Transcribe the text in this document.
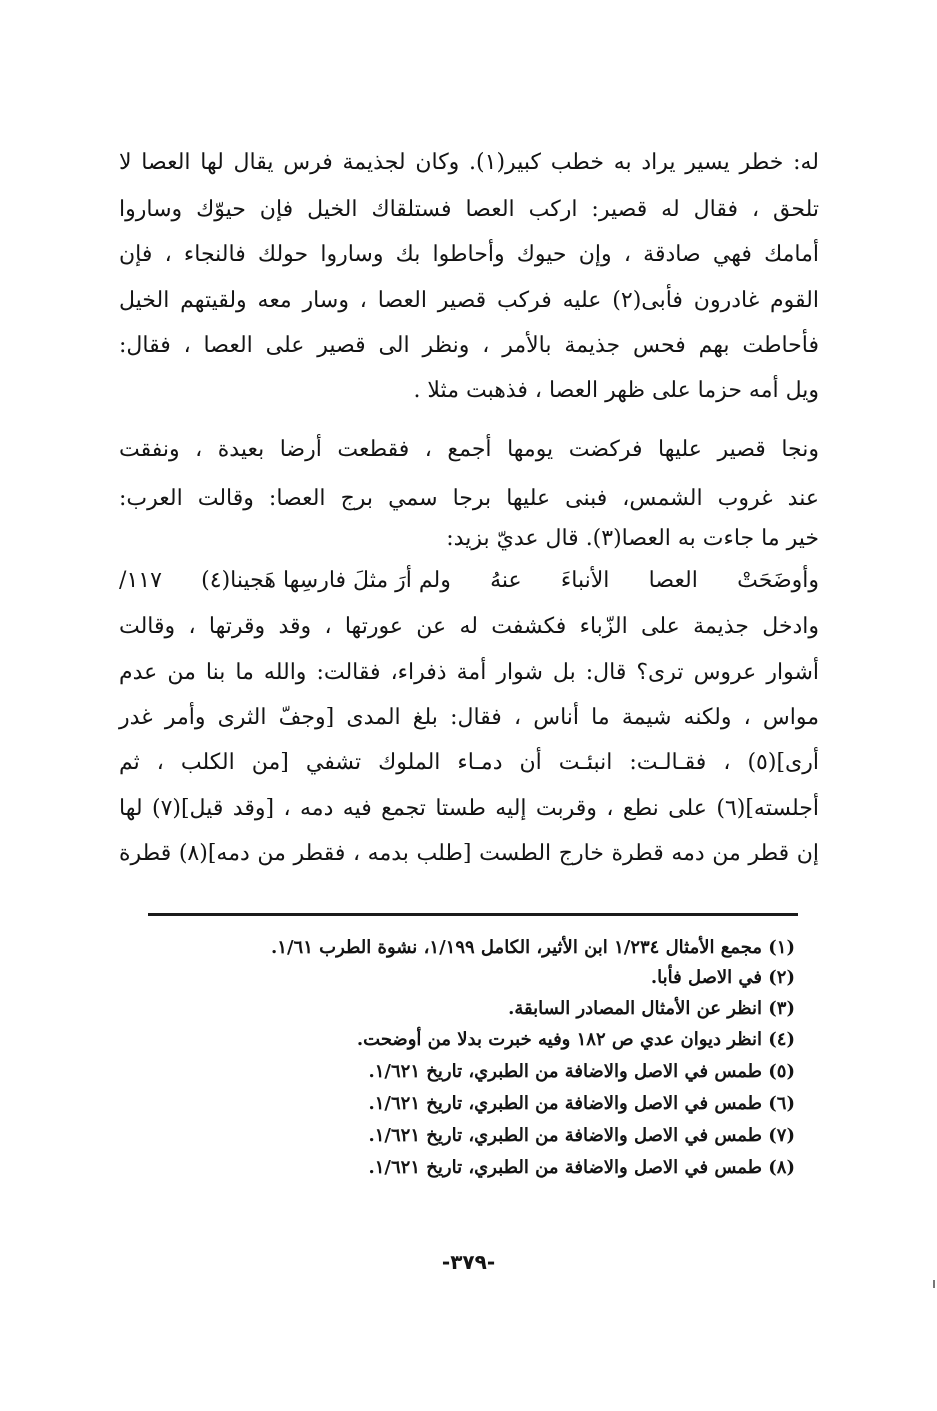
له: خطر يسير يراد به خطب كبير(١). وكان لجذيمة فرس يقال لها العصا لا
تلحق ، فقال له قصير: اركب العصا فستلقاك الخيل فإن حيوّك وساروا
أمامك فهي صادقة ، وإن حيوك وأحاطوا بك وساروا حولك فالنجاء ، فإن
القوم غادرون فأبى(٢) عليه فركب قصير العصا ، وسار معه ولقيتهم الخيل
فأحاطت بهم فحس جذيمة بالأمر ، ونظر الى قصير على العصا ، فقال:
ويل أمه حزما على ظهر العصا ، فذهبت مثلا .
ونجا قصير عليها فركضت يومها أجمع ، فقطعت أرضا بعيدة ، ونفقت
عند غروب الشمس، فبنى عليها برجا سمي برج العصا: وقالت العرب:
خير ما جاءت به العصا(٣). قال عديّ بزيد:
وأوضَحَتْ
العصا
الأنباءَ
عنهُ
ولم أرَ مثلَ فارسِها هَجينا(٤)
١١٧/
وادخل جذيمة على الزّباء فكشفت له عن عورتها ، وقد وقرتها ، وقالت
أشوار عروس ترى؟ قال: بل شوار أمة ذفراء، فقالت: والله ما بنا من عدم
مواس ، ولكنه شيمة ما أناس ، فقال: بلغ المدى [وجفّ الثرى وأمر غدر
أرى](٥) ، فقـالـت: انبئـت أن دمـاء الملوك تشفي [من الكلب ، ثم
أجلسته](٦) على نطع ، وقربت إليه طستا تجمع فيه دمه ، [وقد قيل](٧) لها
إن قطر من دمه قطرة خارج الطست [طلب بدمه ، فقطر من دمه](٨) قطرة
(١) مجمع الأمثال ١/٢٣٤ ابن الأثير، الكامل ١/١٩٩، نشوة الطرب ١/٦١.
(٢) في الاصل فأبا.
(٣) انظر عن الأمثال المصادر السابقة.
(٤) انظر ديوان عدي ص ١٨٢ وفيه خبرت بدلا من أوضحت.
(٥) طمس في الاصل والاضافة من الطبري، تاريخ ١/٦٢١.
(٦) طمس في الاصل والاضافة من الطبري، تاريخ ١/٦٢١.
(٧) طمس في الاصل والاضافة من الطبري، تاريخ ١/٦٢١.
(٨) طمس في الاصل والاضافة من الطبري، تاريخ ١/٦٢١.
-٣٧٩-
